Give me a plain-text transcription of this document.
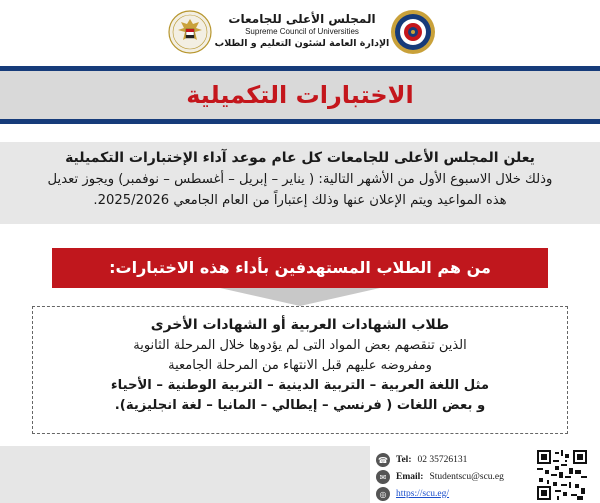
المجلس الأعلى للجامعات
Supreme Council of Universities
الإدارة العامة لشئون التعليم و الطلاب
الاختبارات التكميلية
يعلن المجلس الأعلى للجامعات كل عام موعد آداء الإختبارات التكميلية
وذلك خلال الاسبوع الأول من الأشهر التالية: ( يناير – إبريل – أغسطس – نوفمبر) ويجوز تعديل
هذه المواعيد ويتم الإعلان عنها وذلك إعتباراً من العام الجامعي 2025/2026.
من هم الطلاب المستهدفين بأداء هذه الاختبارات:
طلاب الشهادات العربية أو الشهادات الأخرى
الذين تنقصهم بعض المواد التى لم يؤدوها خلال المرحلة الثانوية
ومفروضه عليهم قبل الانتهاء من المرحلة الجامعية
مثل اللغة العربية – التربية الدينية – التربية الوطنية – الأحياء
و بعض اللغات ( فرنسي – إيطالي – المانيا – لغة انجليزية).
☎ Tel: 02 35726131
✉	Email: Studentscu@scu.eg
◎	https://scu.eg/
